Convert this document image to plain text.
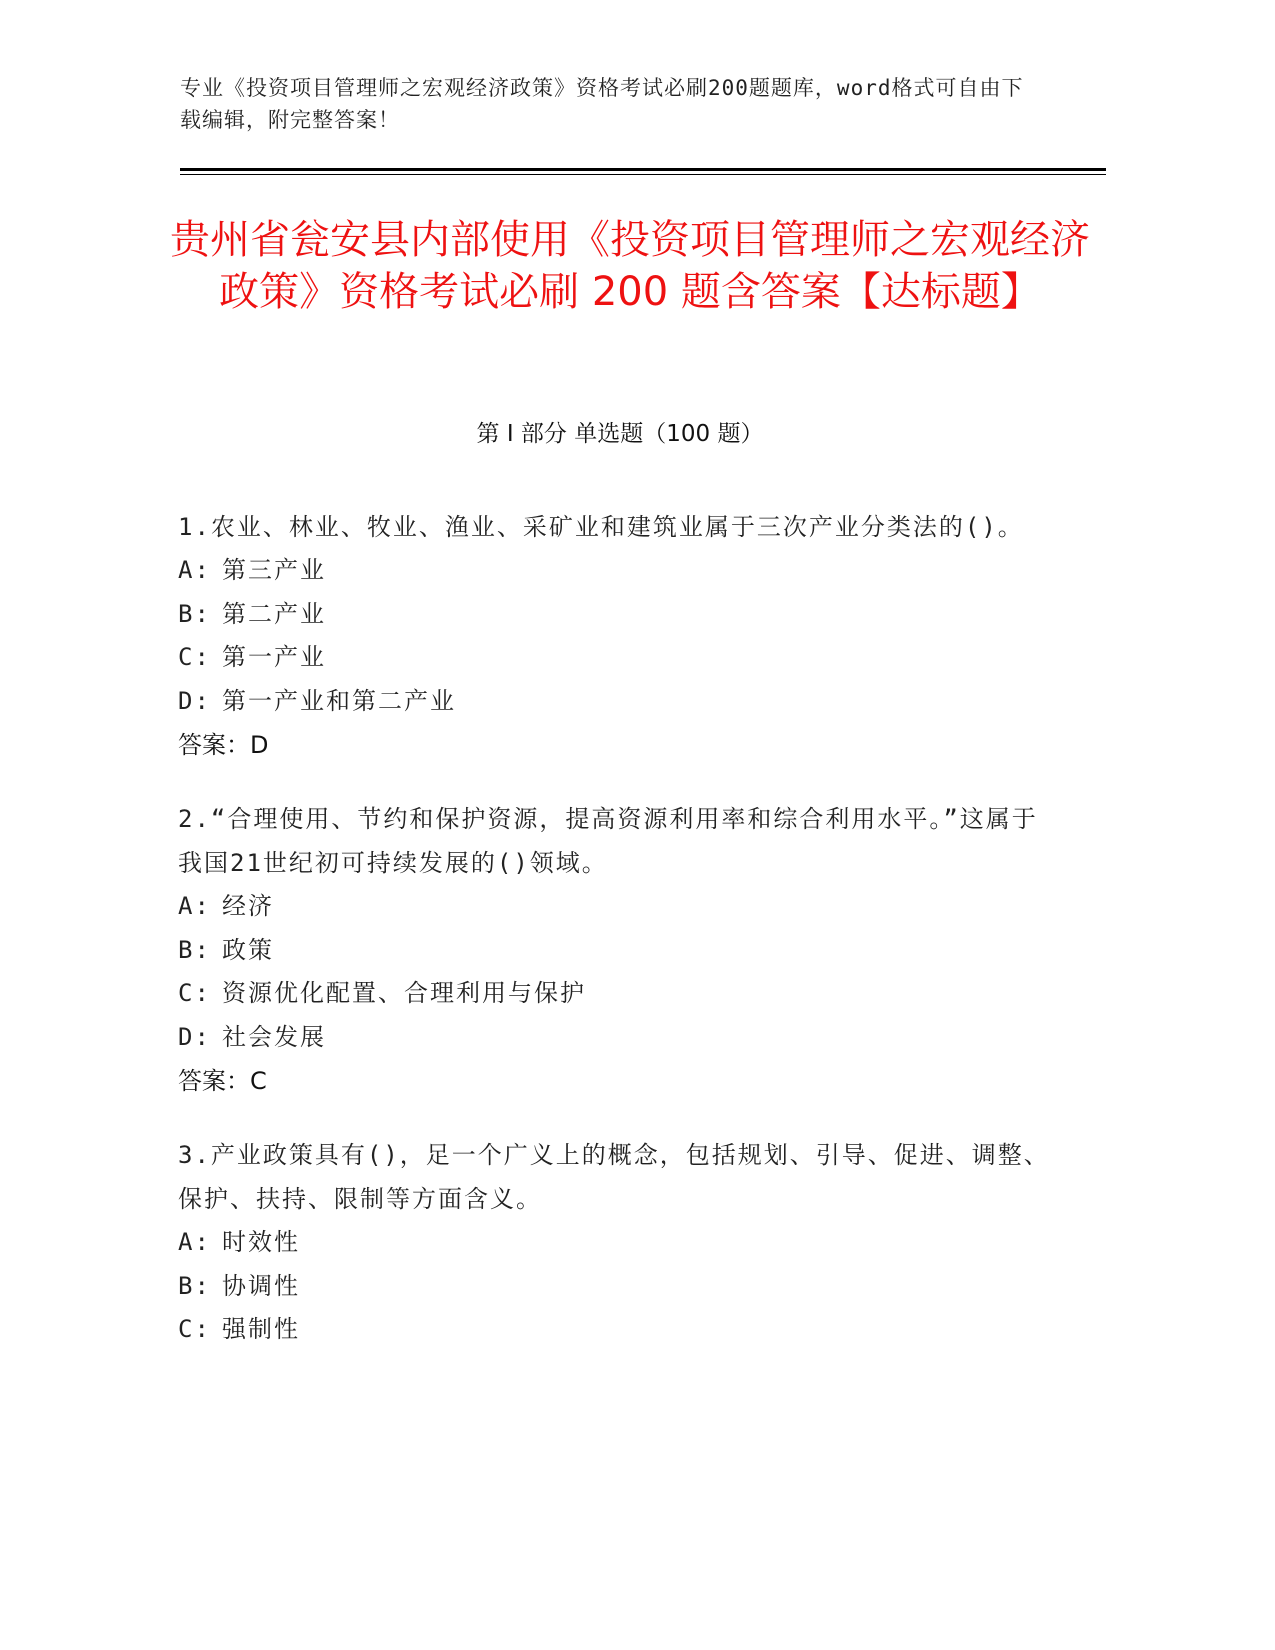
专业《投资项目管理师之宏观经济政策》资格考试必刷200题题库，word格式可自由下载编辑，附完整答案！
贵州省瓮安县内部使用《投资项目管理师之宏观经济政策》资格考试必刷 200 题含答案【达标题】
第 I 部分 单选题（100 题）
1.农业、林业、牧业、渔业、采矿业和建筑业属于三次产业分类法的()。
A: 第三产业
B: 第二产业
C: 第一产业
D: 第一产业和第二产业
答案：D
2.“合理使用、节约和保护资源，提高资源利用率和综合利用水平。”这属于我国21世纪初可持续发展的()领域。
A: 经济
B: 政策
C: 资源优化配置、合理利用与保护
D: 社会发展
答案：C
3.产业政策具有()，足一个广义上的概念，包括规划、引导、促进、调整、保护、扶持、限制等方面含义。
A: 时效性
B: 协调性
C: 强制性
